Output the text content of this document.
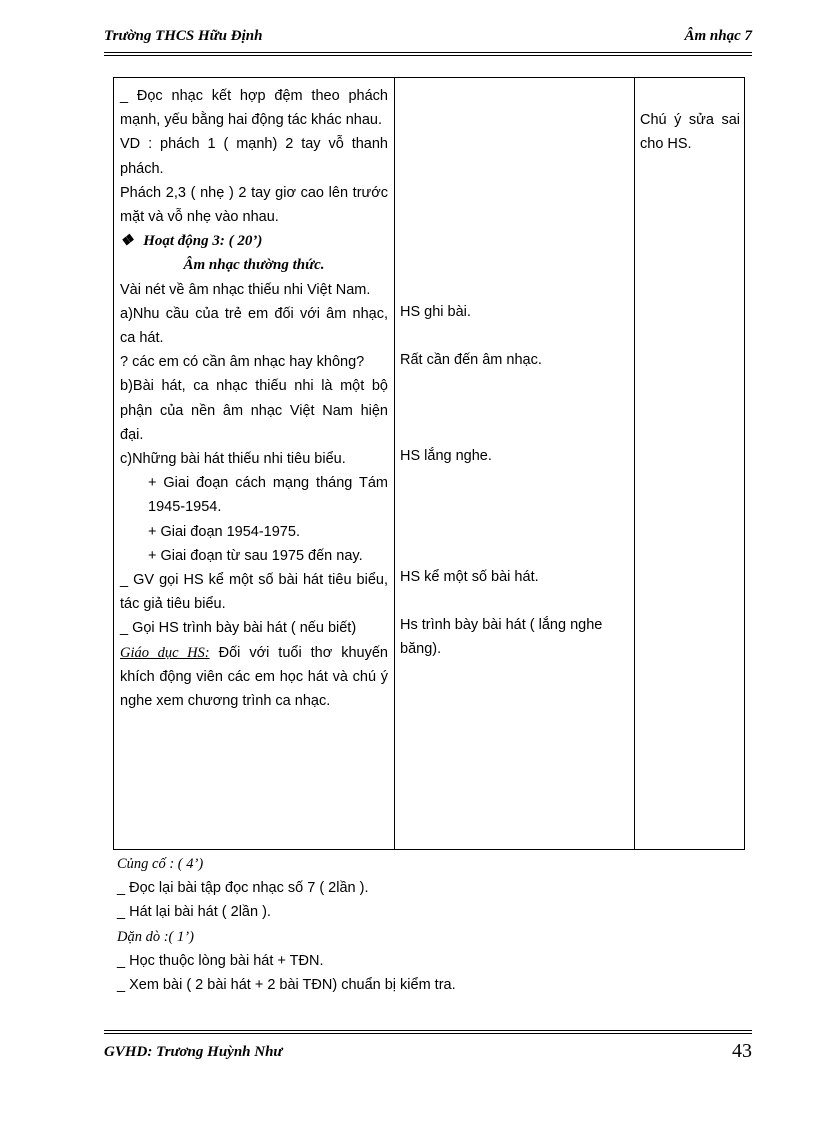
Trường THCS Hữu Định	Âm nhạc 7

_ Đọc nhạc kết hợp đệm theo phách mạnh, yếu bằng hai động tác khác nhau.

VD : phách 1 ( mạnh) 2 tay vỗ thanh phách.

Phách 2,3 ( nhẹ ) 2 tay giơ cao lên trước mặt và vỗ nhẹ vào nhau.

❖ Hoạt động 3: ( 20’)

Âm nhạc thường thức.

Vài nét về âm nhạc thiếu nhi Việt Nam.

a)Nhu cầu của trẻ em đối với âm nhạc, ca hát.

? các em có cần âm nhạc hay không?

b)Bài hát, ca nhạc thiếu nhi là một bộ phận của nền âm nhạc Việt Nam hiện đại.

c)Những bài hát thiếu nhi tiêu biểu.

+ Giai đoạn cách mạng tháng Tám 1945-1954.

+ Giai đoạn 1954-1975.

+ Giai đoạn từ sau 1975 đến nay.

_ GV gọi HS kể một số bài hát tiêu biểu, tác giả tiêu biểu.

_ Gọi HS trình bày bài hát ( nếu biết)

Giáo dục HS: Đối với tuổi thơ khuyến khích động viên các em học hát và chú ý nghe xem chương trình ca nhạc.

HS ghi bài.
Rất cần đến âm nhạc.
HS lắng nghe.
HS kể một số bài hát.
Hs trình bày bài hát ( lắng nghe
băng).
Chú ý sửa sai cho HS.

Củng cố : ( 4’)

_ Đọc lại bài tập đọc nhạc số 7 ( 2lần ).

_ Hát lại bài hát ( 2lần ).

Dặn dò :( 1’)

_ Học thuộc lòng bài hát + TĐN.

_ Xem bài ( 2 bài hát + 2 bài TĐN) chuẩn bị kiểm tra.

GVHD: Trương Huỳnh Như	43
